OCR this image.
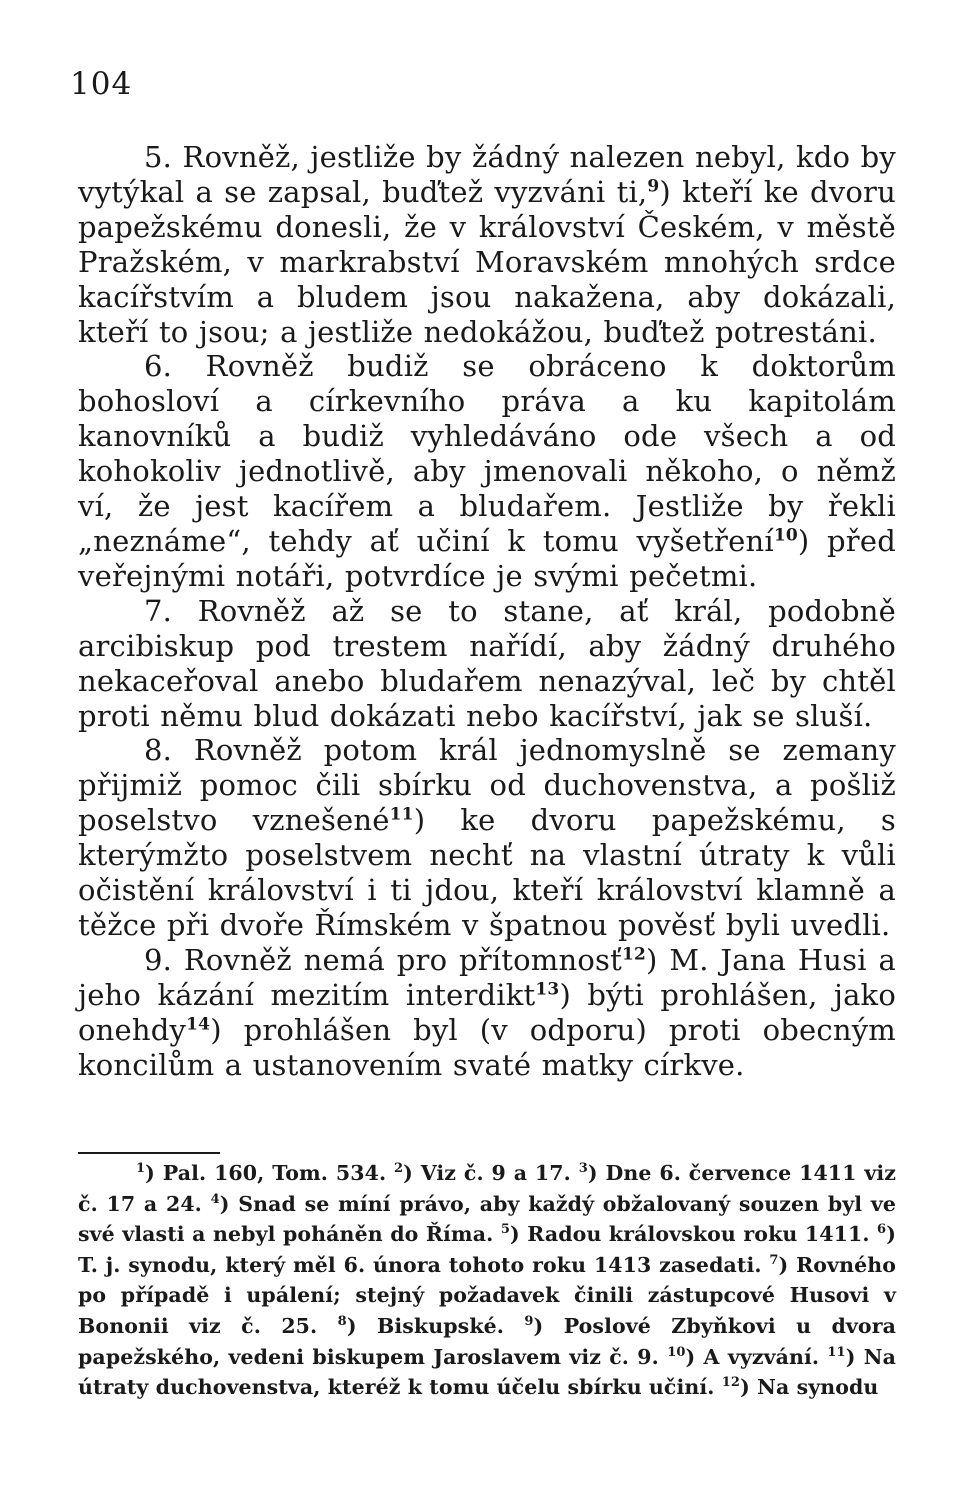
104

5. Rovněž, jestliže by žádný nalezen nebyl, kdo by vytýkal a se zapsal, buďtež vyzváni ti,$^9$) kteří ke dvoru papežskému donesli, že v království Českém, v městě Pražském, v markrabství Moravském mnohých srdce kacířstvím a bludem jsou nakažena, aby dokázali, kteří to jsou; a jestliže nedokážou, buďtež potrestáni.

6. Rovněž budiž se obráceno k doktorům bohosloví a církevního práva a ku kapitolám kanovníků a budiž vyhledáváno ode všech a od kohokoliv jednotlivě, aby jmenovali někoho, o němž ví, že jest kacířem a bludařem. Jestliže by řekli „neznáme“, tehdy ať učiní k tomu vyšetření$^{10}$) před veřejnými notáři, potvrdíce je svými pečetmi.

7. Rovněž až se to stane, ať král, podobně arcibiskup pod trestem nařídí, aby žádný druhého nekaceřoval anebo bludařem nenazýval, leč by chtěl proti němu blud dokázati nebo kacířství, jak se sluší.

8. Rovněž potom král jednomyslně se zemany přijmiž pomoc čili sbírku od duchovenstva, a pošliž poselstvo vznešené$^{11}$) ke dvoru papežskému, s kterýmžto poselstvem nechť na vlastní útraty k vůli očistění království i ti jdou, kteří království klamně a těžce při dvoře Římském v špatnou pověsť byli uvedli.

9. Rovněž nemá pro přítomnosť$^{12}$) M. Jana Husi a jeho kázání mezitím interdikt$^{13}$) býti prohlášen, jako onehdy$^{14}$) prohlášen byl (v odporu) proti obecným koncilům a ustanovením svaté matky církve.

$^1$) Pal. 160, Tom. 534. $^2$) Viz č. 9 a 17. $^3$) Dne 6. července 1411 viz č. 17 a 24. $^4$) Snad se míní právo, aby každý obžalovaný souzen byl ve své vlasti a nebyl poháněn do Říma. $^5$) Radou královskou roku 1411. $^6$) T. j. synodu, který měl 6. února tohoto roku 1413 zasedati. $^7$) Rovného po případě i upálení; stejný požadavek činili zástupcové Husovi v Bononii viz č. 25. $^8$) Biskupské. $^9$) Poslové Zbyňkovi u dvora papežského, vedeni biskupem Jaroslavem viz č. 9. $^{10}$) A vyzvání. $^{11}$) Na útraty duchovenstva, kteréž k tomu účelu sbírku učiní. $^{12}$) Na synodu
